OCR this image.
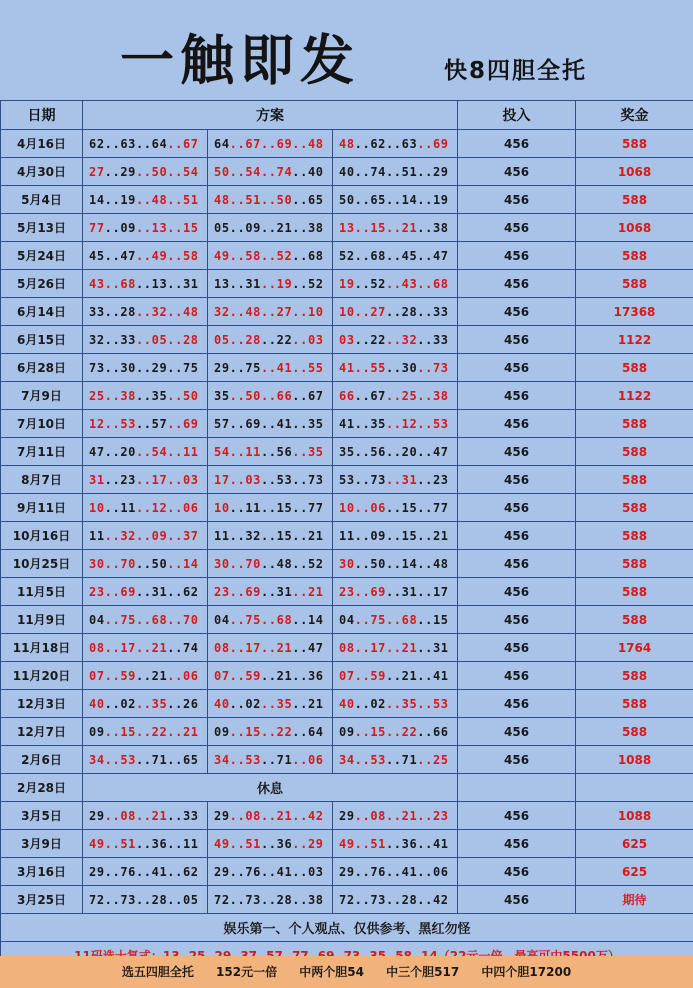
一触即发	快8四胆全托
日期	方案			投入	奖金
4月16日	62..63..64..67	64..67..69..48	48..62..63..69	456	588
4月30日	27..29..50..54	50..54..74..40	40..74..51..29	456	1068
5月4日	14..19..48..51	48..51..50..65	50..65..14..19	456	588
5月13日	77..09..13..15	05..09..21..38	13..15..21..38	456	1068
5月24日	45..47..49..58	49..58..52..68	52..68..45..47	456	588
5月26日	43..68..13..31	13..31..19..52	19..52..43..68	456	588
6月14日	33..28..32..48	32..48..27..10	10..27..28..33	456	17368
6月15日	32..33..05..28	05..28..22..03	03..22..32..33	456	1122
6月28日	73..30..29..75	29..75..41..55	41..55..30..73	456	588
7月9日	25..38..35..50	35..50..66..67	66..67..25..38	456	1122
7月10日	12..53..57..69	57..69..41..35	41..35..12..53	456	588
7月11日	47..20..54..11	54..11..56..35	35..56..20..47	456	588
8月7日	31..23..17..03	17..03..53..73	53..73..31..23	456	588
9月11日	10..11..12..06	10..11..15..77	10..06..15..77	456	588
10月16日	11..32..09..37	11..32..15..21	11..09..15..21	456	588
10月25日	30..70..50..14	30..70..48..52	30..50..14..48	456	588
11月5日	23..69..31..62	23..69..31..21	23..69..31..17	456	588
11月9日	04..75..68..70	04..75..68..14	04..75..68..15	456	588
11月18日	08..17..21..74	08..17..21..47	08..17..21..31	456	1764
11月20日	07..59..21..06	07..59..21..36	07..59..21..41	456	588
12月3日	40..02..35..26	40..02..35..21	40..02..35..53	456	588
12月7日	09..15..22..21	09..15..22..64	09..15..22..66	456	588
2月6日	34..53..71..65	34..53..71..06	34..53..71..25	456	1088
2月28日	休息				
3月5日	29..08..21..33	29..08..21..42	29..08..21..23	456	1088
3月9日	49..51..36..11	49..51..36..29	49..51..36..41	456	625
3月16日	29..76..41..62	29..76..41..03	29..76..41..06	456	625
3月25日	72..73..28..05	72..73..28..38	72..73..28..42	456	期待
娱乐第一、个人观点、仅供参考、黑红勿怪					

选五四胆全托 152元一倍 中两个胆54 中三个胆517 中四个胆17200
